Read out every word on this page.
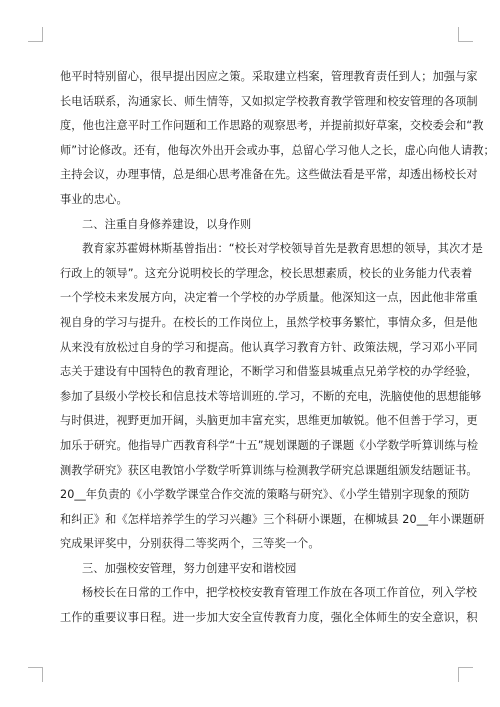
他平时特别留心，很早提出因应之策。采取建立档案，管理教育责任到人；加强与家
长电话联系，沟通家长、师生情等，又如拟定学校教育教学管理和校安管理的各项制
度，他也注意平时工作问题和工作思路的观察思考，并提前拟好草案，交校委会和“教
师”讨论修改。还有，他每次外出开会或办事，总留心学习他人之长，虚心向他人请教；
主持会议，办理事情，总是细心思考准备在先。这些做法看是平常，却透出杨校长对
事业的忠心。
二、注重自身修养建设，以身作则
教育家苏霍姆林斯基曾指出：“校长对学校领导首先是教育思想的领导，其次才是
行政上的领导”。这充分说明校长的学理念，校长思想素质，校长的业务能力代表着
一个学校未来发展方向，决定着一个学校的办学质量。他深知这一点，因此他非常重
视自身的学习与提升。在校长的工作岗位上，虽然学校事务繁忙，事情众多，但是他
从来没有放松过自身的学习和提高。他认真学习教育方针、政策法规，学习邓小平同
志关于建设有中国特色的教育理论，不断学习和借鉴县城重点兄弟学校的办学经验，
参加了县级小学校长和信息技术等培训班的.学习，不断的充电，洗脑使他的思想能够
与时俱进，视野更加开阔，头脑更加丰富充实，思维更加敏锐。他不但善于学习，更
加乐于研究。他指导广西教育科学“十五”规划课题的子课题《小学数学听算训练与检
测教学研究》获区电教馆小学数学听算训练与检测教学研究总课题组颁发结题证书。
20__年负责的《小学数学课堂合作交流的策略与研究》、《小学生错别字现象的预防
和纠正》和《怎样培养学生的学习兴趣》三个科研小课题，在柳城县 20__年小课题研
究成果评奖中，分别获得二等奖两个，三等奖一个。
三、加强校安管理，努力创建平安和谐校园
杨校长在日常的工作中，把学校校安教育管理工作放在各项工作首位，列入学校
工作的重要议事日程。进一步加大安全宣传教育力度，强化全体师生的安全意识，积
